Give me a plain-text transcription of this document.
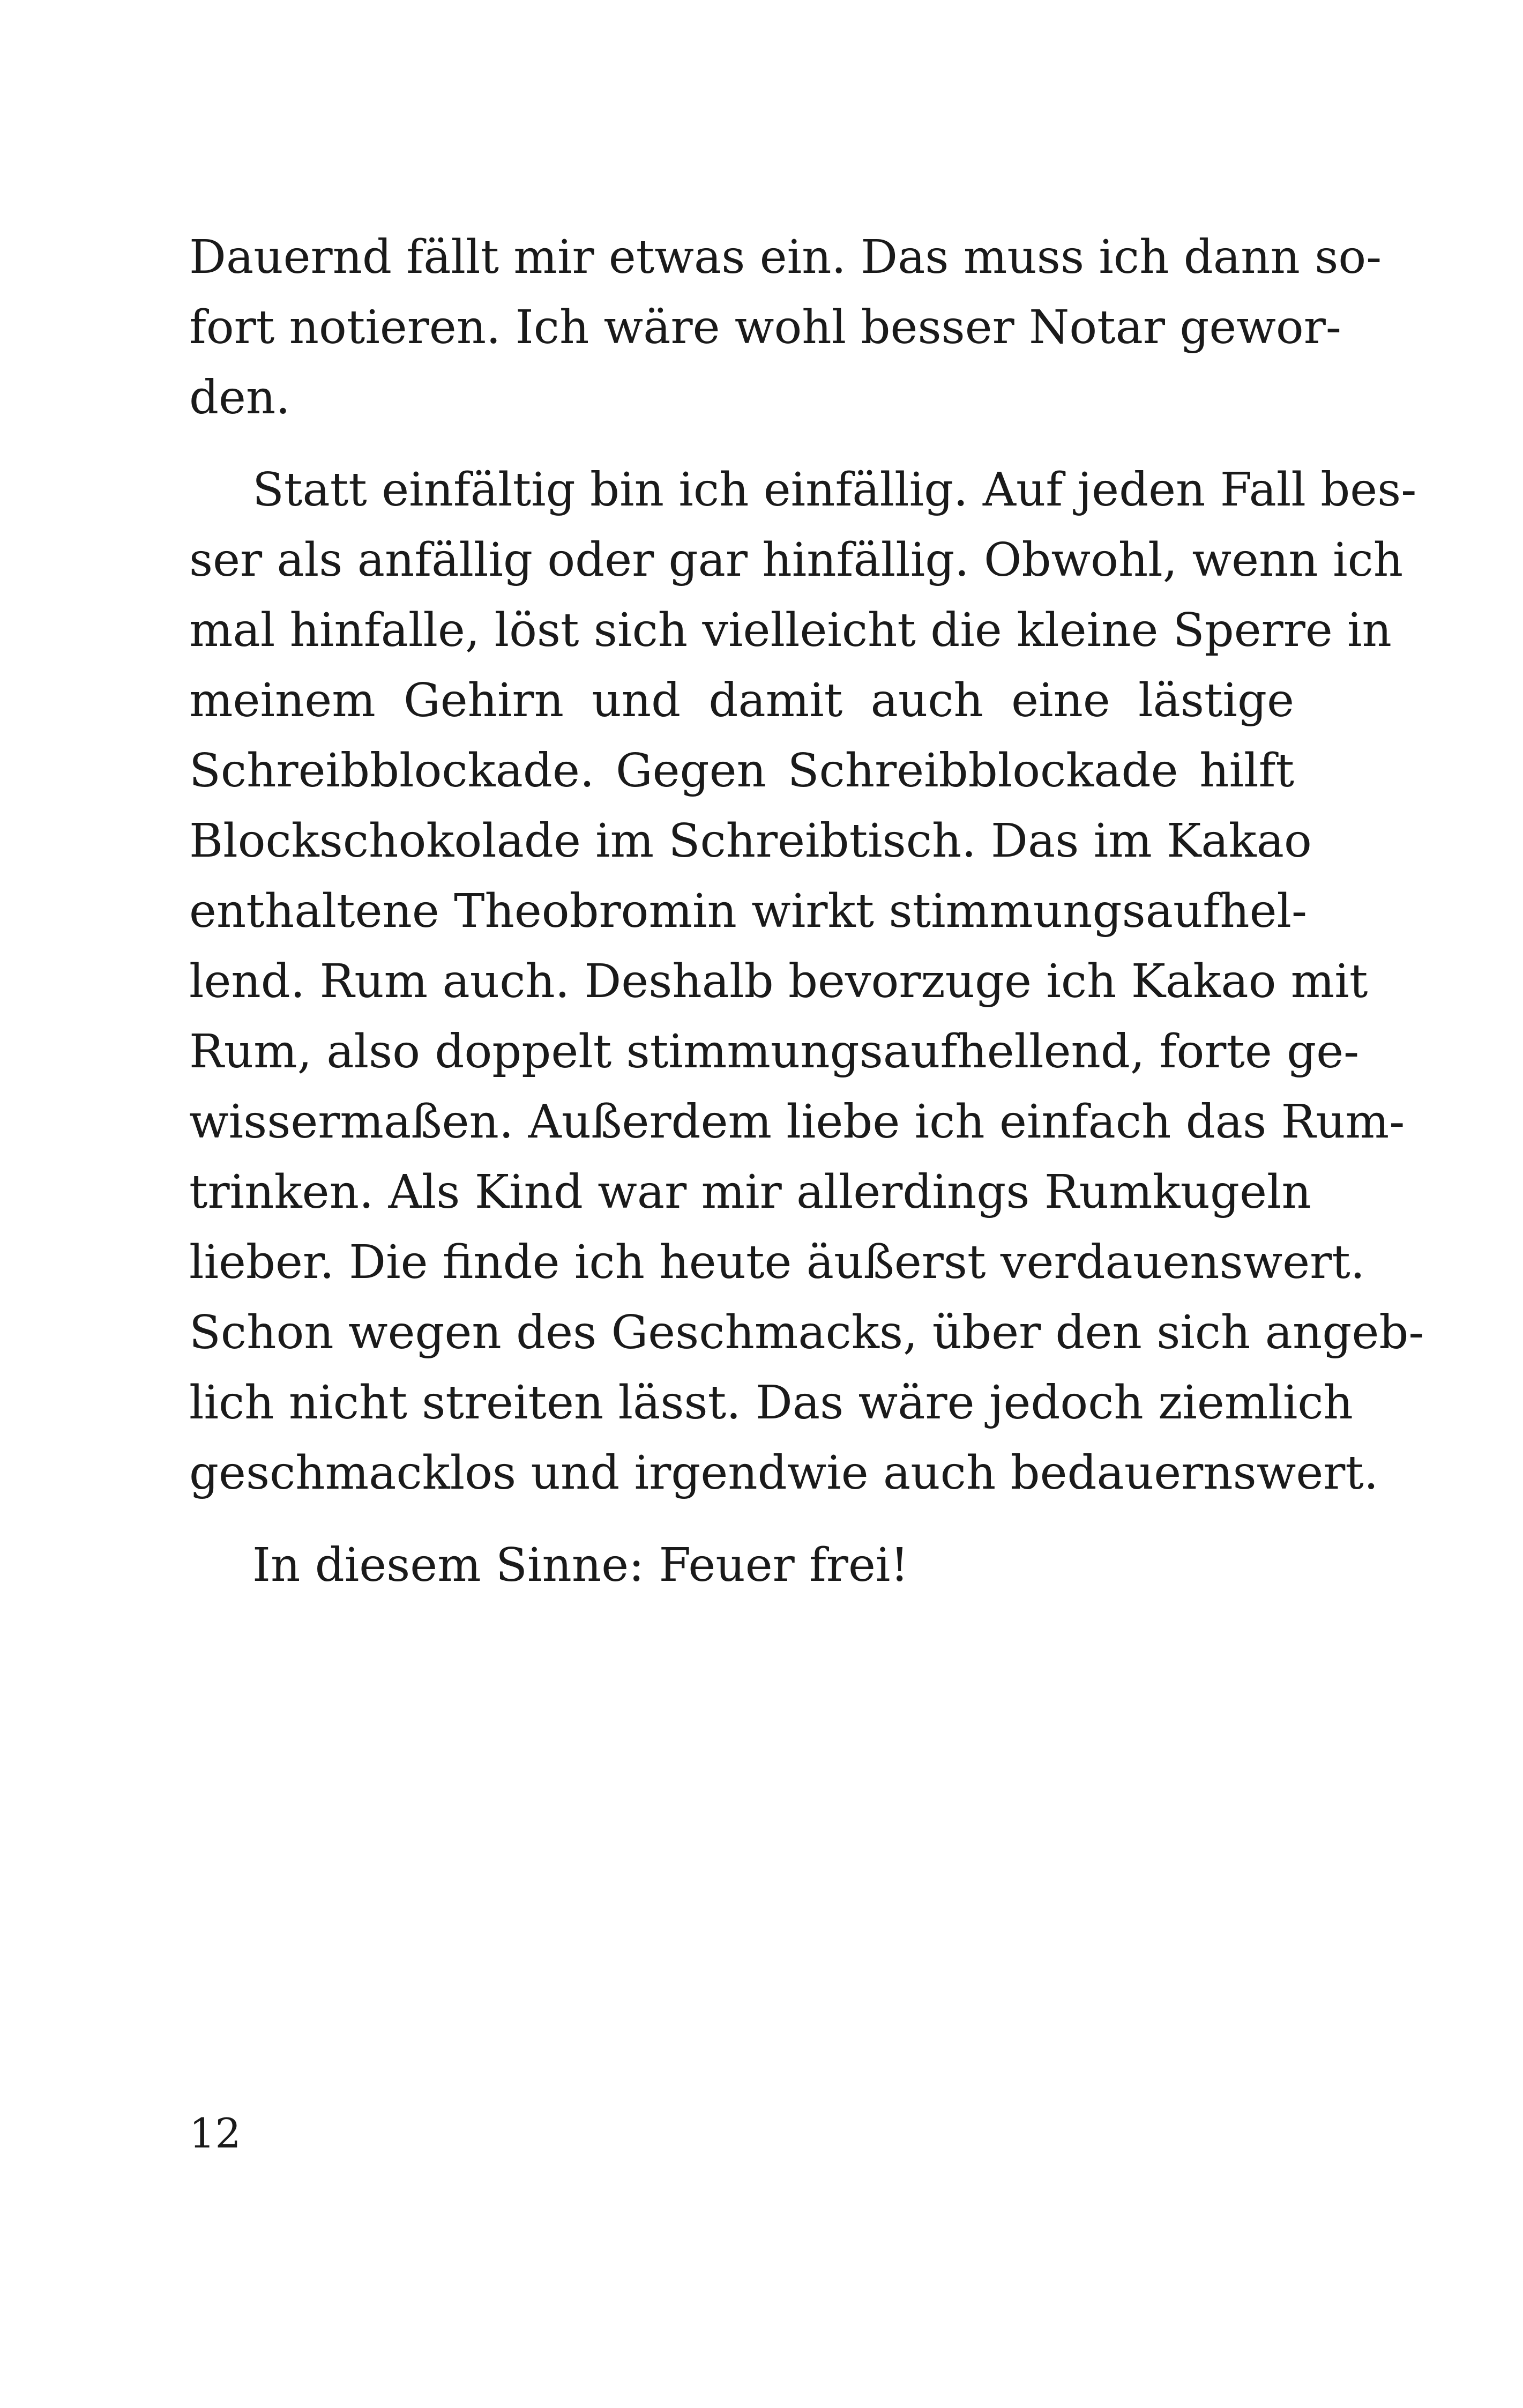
Dauernd fällt mir etwas ein. Das muss ich dann so-
fort notieren. Ich wäre wohl besser Notar gewor-
den.
Statt einfältig bin ich einfällig. Auf jeden Fall bes-
ser als anfällig oder gar hinfällig. Obwohl, wenn ich
mal hinfalle, löst sich vielleicht die kleine Sperre in
meinem Gehirn und damit auch eine lästige
Schreibblockade. Gegen Schreibblockade hilft
Blockschokolade im Schreibtisch. Das im Kakao
enthaltene Theobromin wirkt stimmungsaufhel-
lend. Rum auch. Deshalb bevorzuge ich Kakao mit
Rum, also doppelt stimmungsaufhellend, forte ge-
wissermaßen. Außerdem liebe ich einfach das Rum-
trinken. Als Kind war mir allerdings Rumkugeln
lieber. Die finde ich heute äußerst verdauenswert.
Schon wegen des Geschmacks, über den sich angeb-
lich nicht streiten lässt. Das wäre jedoch ziemlich
geschmacklos und irgendwie auch bedauernswert.
In diesem Sinne: Feuer frei!
12
